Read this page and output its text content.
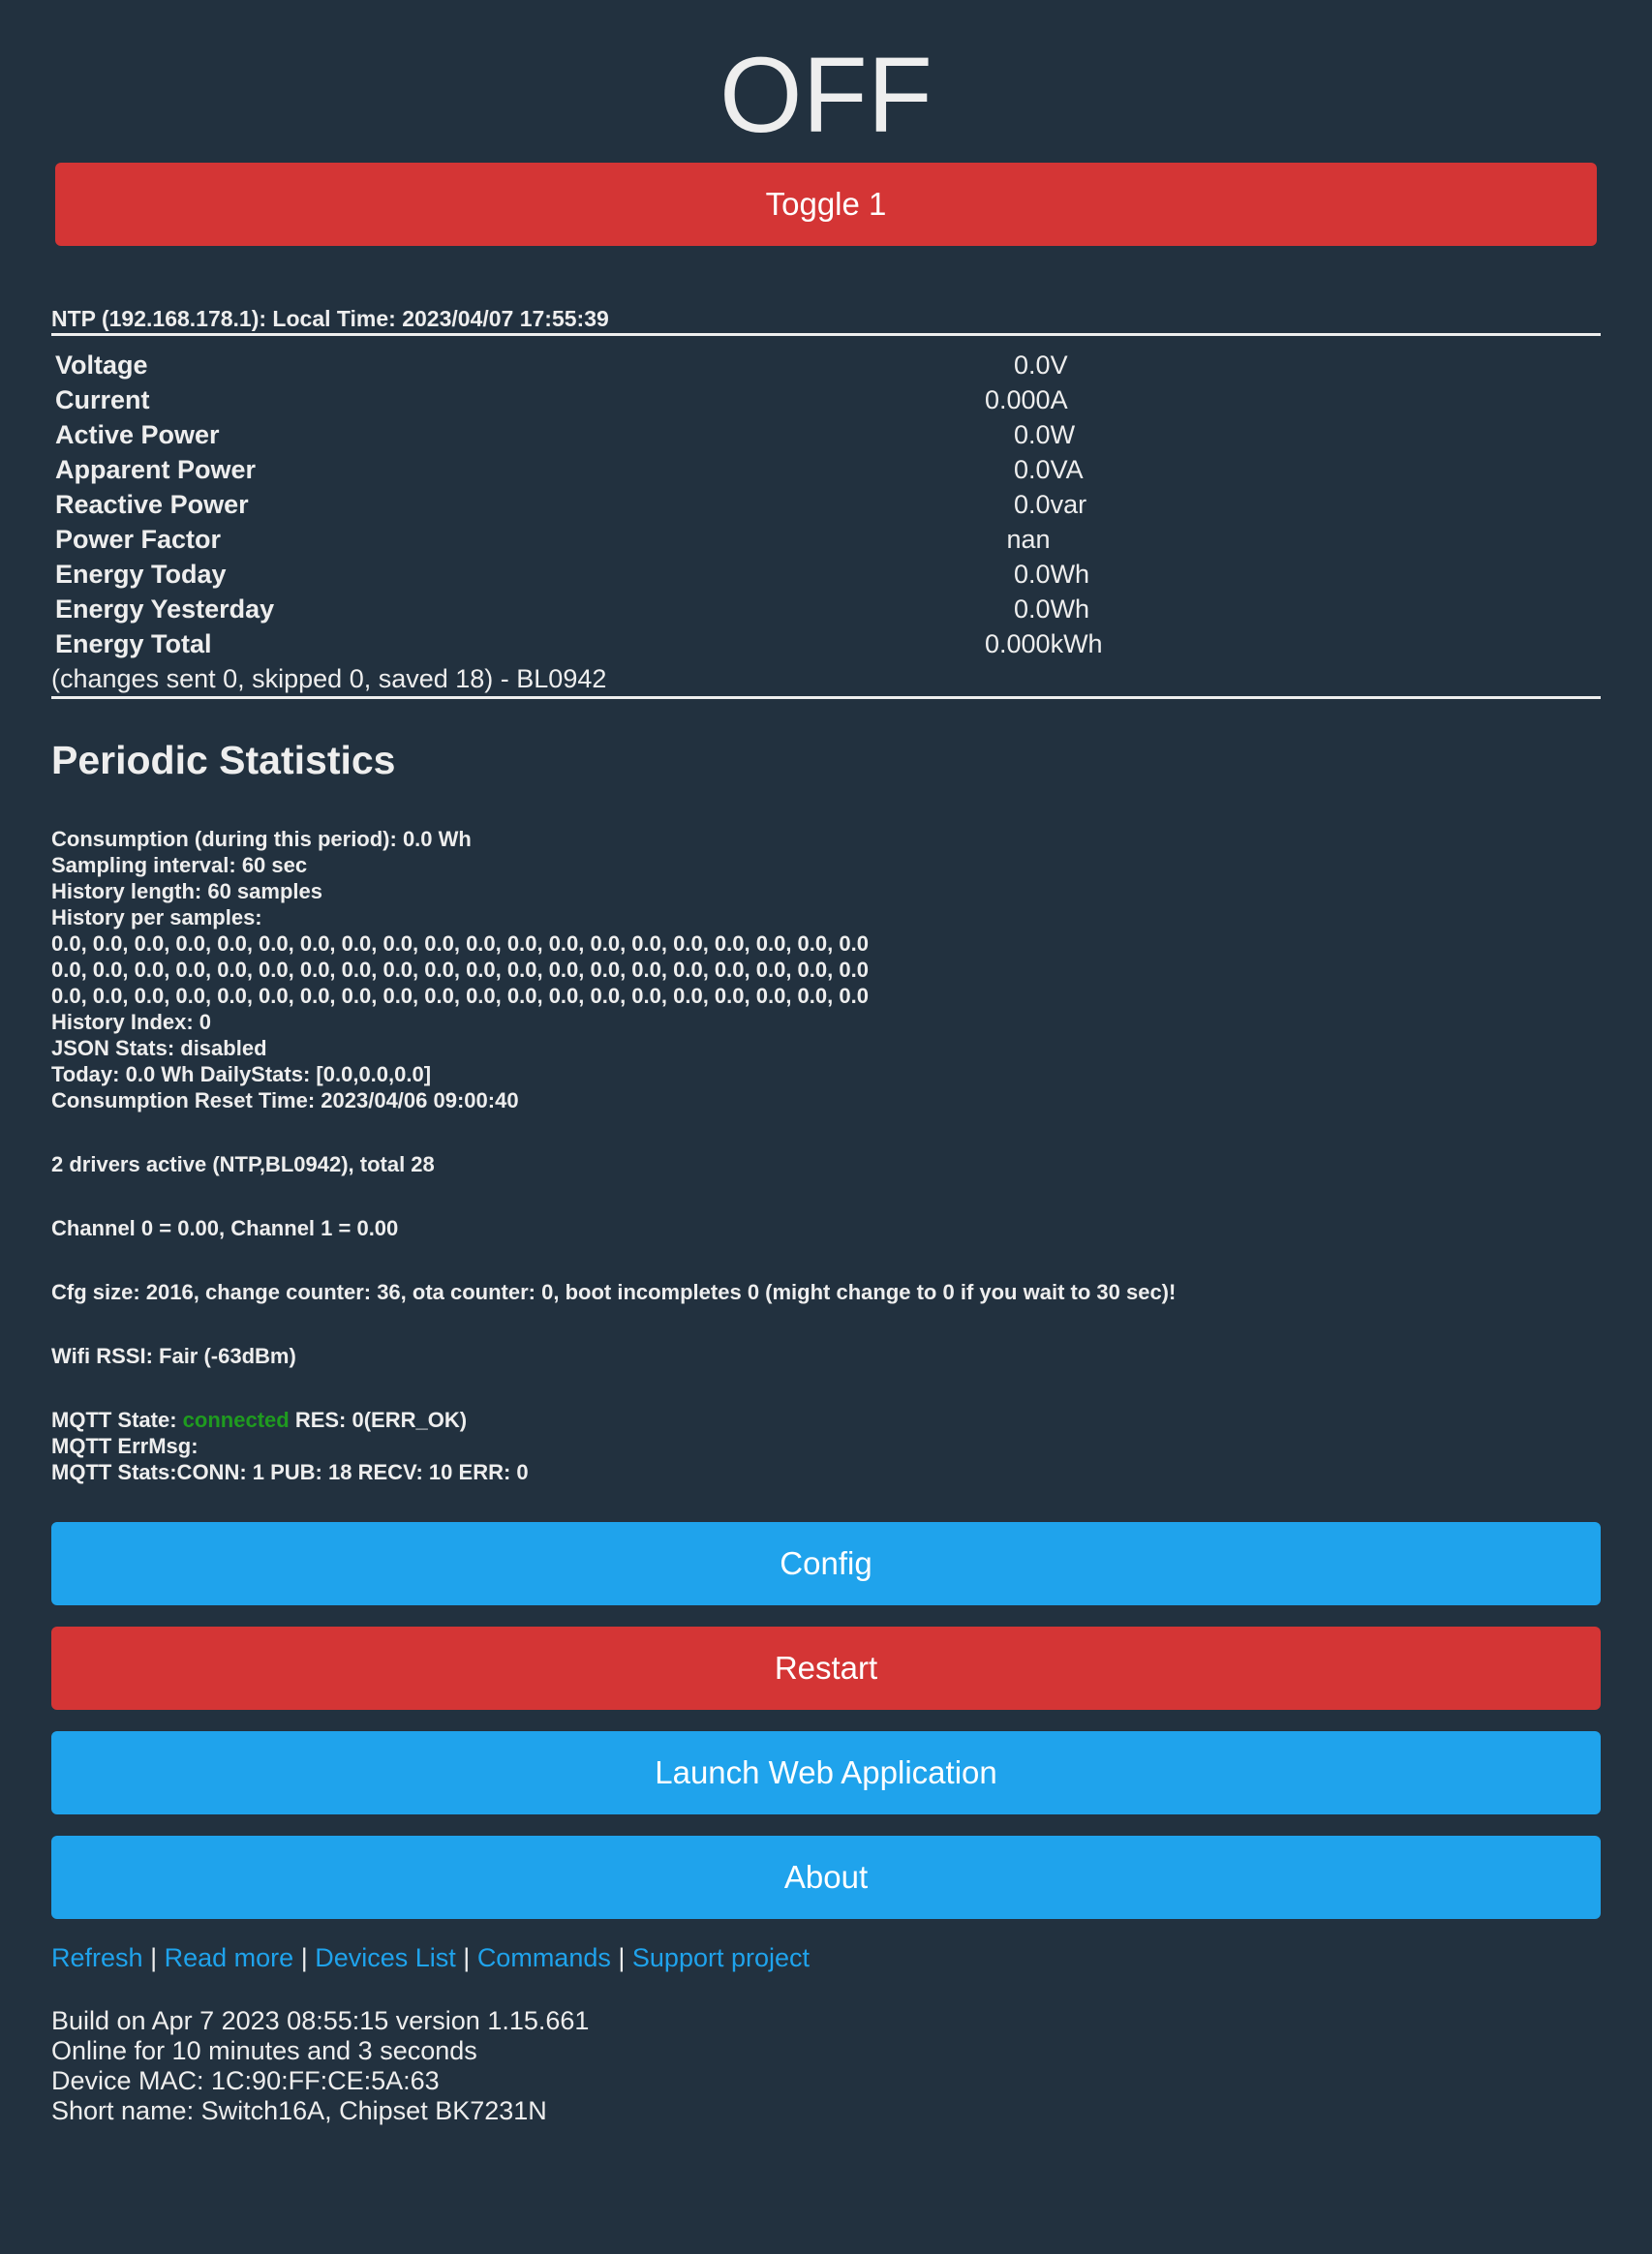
OFF
Toggle 1
NTP (192.168.178.1): Local Time: 2023/04/07 17:55:39
Voltage	0.0	V
Current	0.000	A
Active Power	0.0	W
Apparent Power	0.0	VA
Reactive Power	0.0	var
Power Factor	nan	
Energy Today	0.0	Wh
Energy Yesterday	0.0	Wh
Energy Total	0.000	kWh
(changes sent 0, skipped 0, saved 18) - BL0942
Periodic Statistics
Consumption (during this period): 0.0 Wh
Sampling interval: 60 sec
History length: 60 samples
History per samples:
0.0, 0.0, 0.0, 0.0, 0.0, 0.0, 0.0, 0.0, 0.0, 0.0, 0.0, 0.0, 0.0, 0.0, 0.0, 0.0, 0.0, 0.0, 0.0, 0.0
0.0, 0.0, 0.0, 0.0, 0.0, 0.0, 0.0, 0.0, 0.0, 0.0, 0.0, 0.0, 0.0, 0.0, 0.0, 0.0, 0.0, 0.0, 0.0, 0.0
0.0, 0.0, 0.0, 0.0, 0.0, 0.0, 0.0, 0.0, 0.0, 0.0, 0.0, 0.0, 0.0, 0.0, 0.0, 0.0, 0.0, 0.0, 0.0, 0.0
History Index: 0
JSON Stats: disabled
Today: 0.0 Wh DailyStats: [0.0,0.0,0.0]
Consumption Reset Time: 2023/04/06 09:00:40
2 drivers active (NTP,BL0942), total 28
Channel 0 = 0.00, Channel 1 = 0.00
Cfg size: 2016, change counter: 36, ota counter: 0, boot incompletes 0 (might change to 0 if you wait to 30 sec)!
Wifi RSSI: Fair (-63dBm)
MQTT State: connected RES: 0(ERR_OK)
MQTT ErrMsg:
MQTT Stats:CONN: 1 PUB: 18 RECV: 10 ERR: 0
Config
Restart
Launch Web Application
About
Refresh | Read more | Devices List | Commands | Support project
Build on Apr 7 2023 08:55:15 version 1.15.661
Online for 10 minutes and 3 seconds
Device MAC: 1C:90:FF:CE:5A:63
Short name: Switch16A, Chipset BK7231N
